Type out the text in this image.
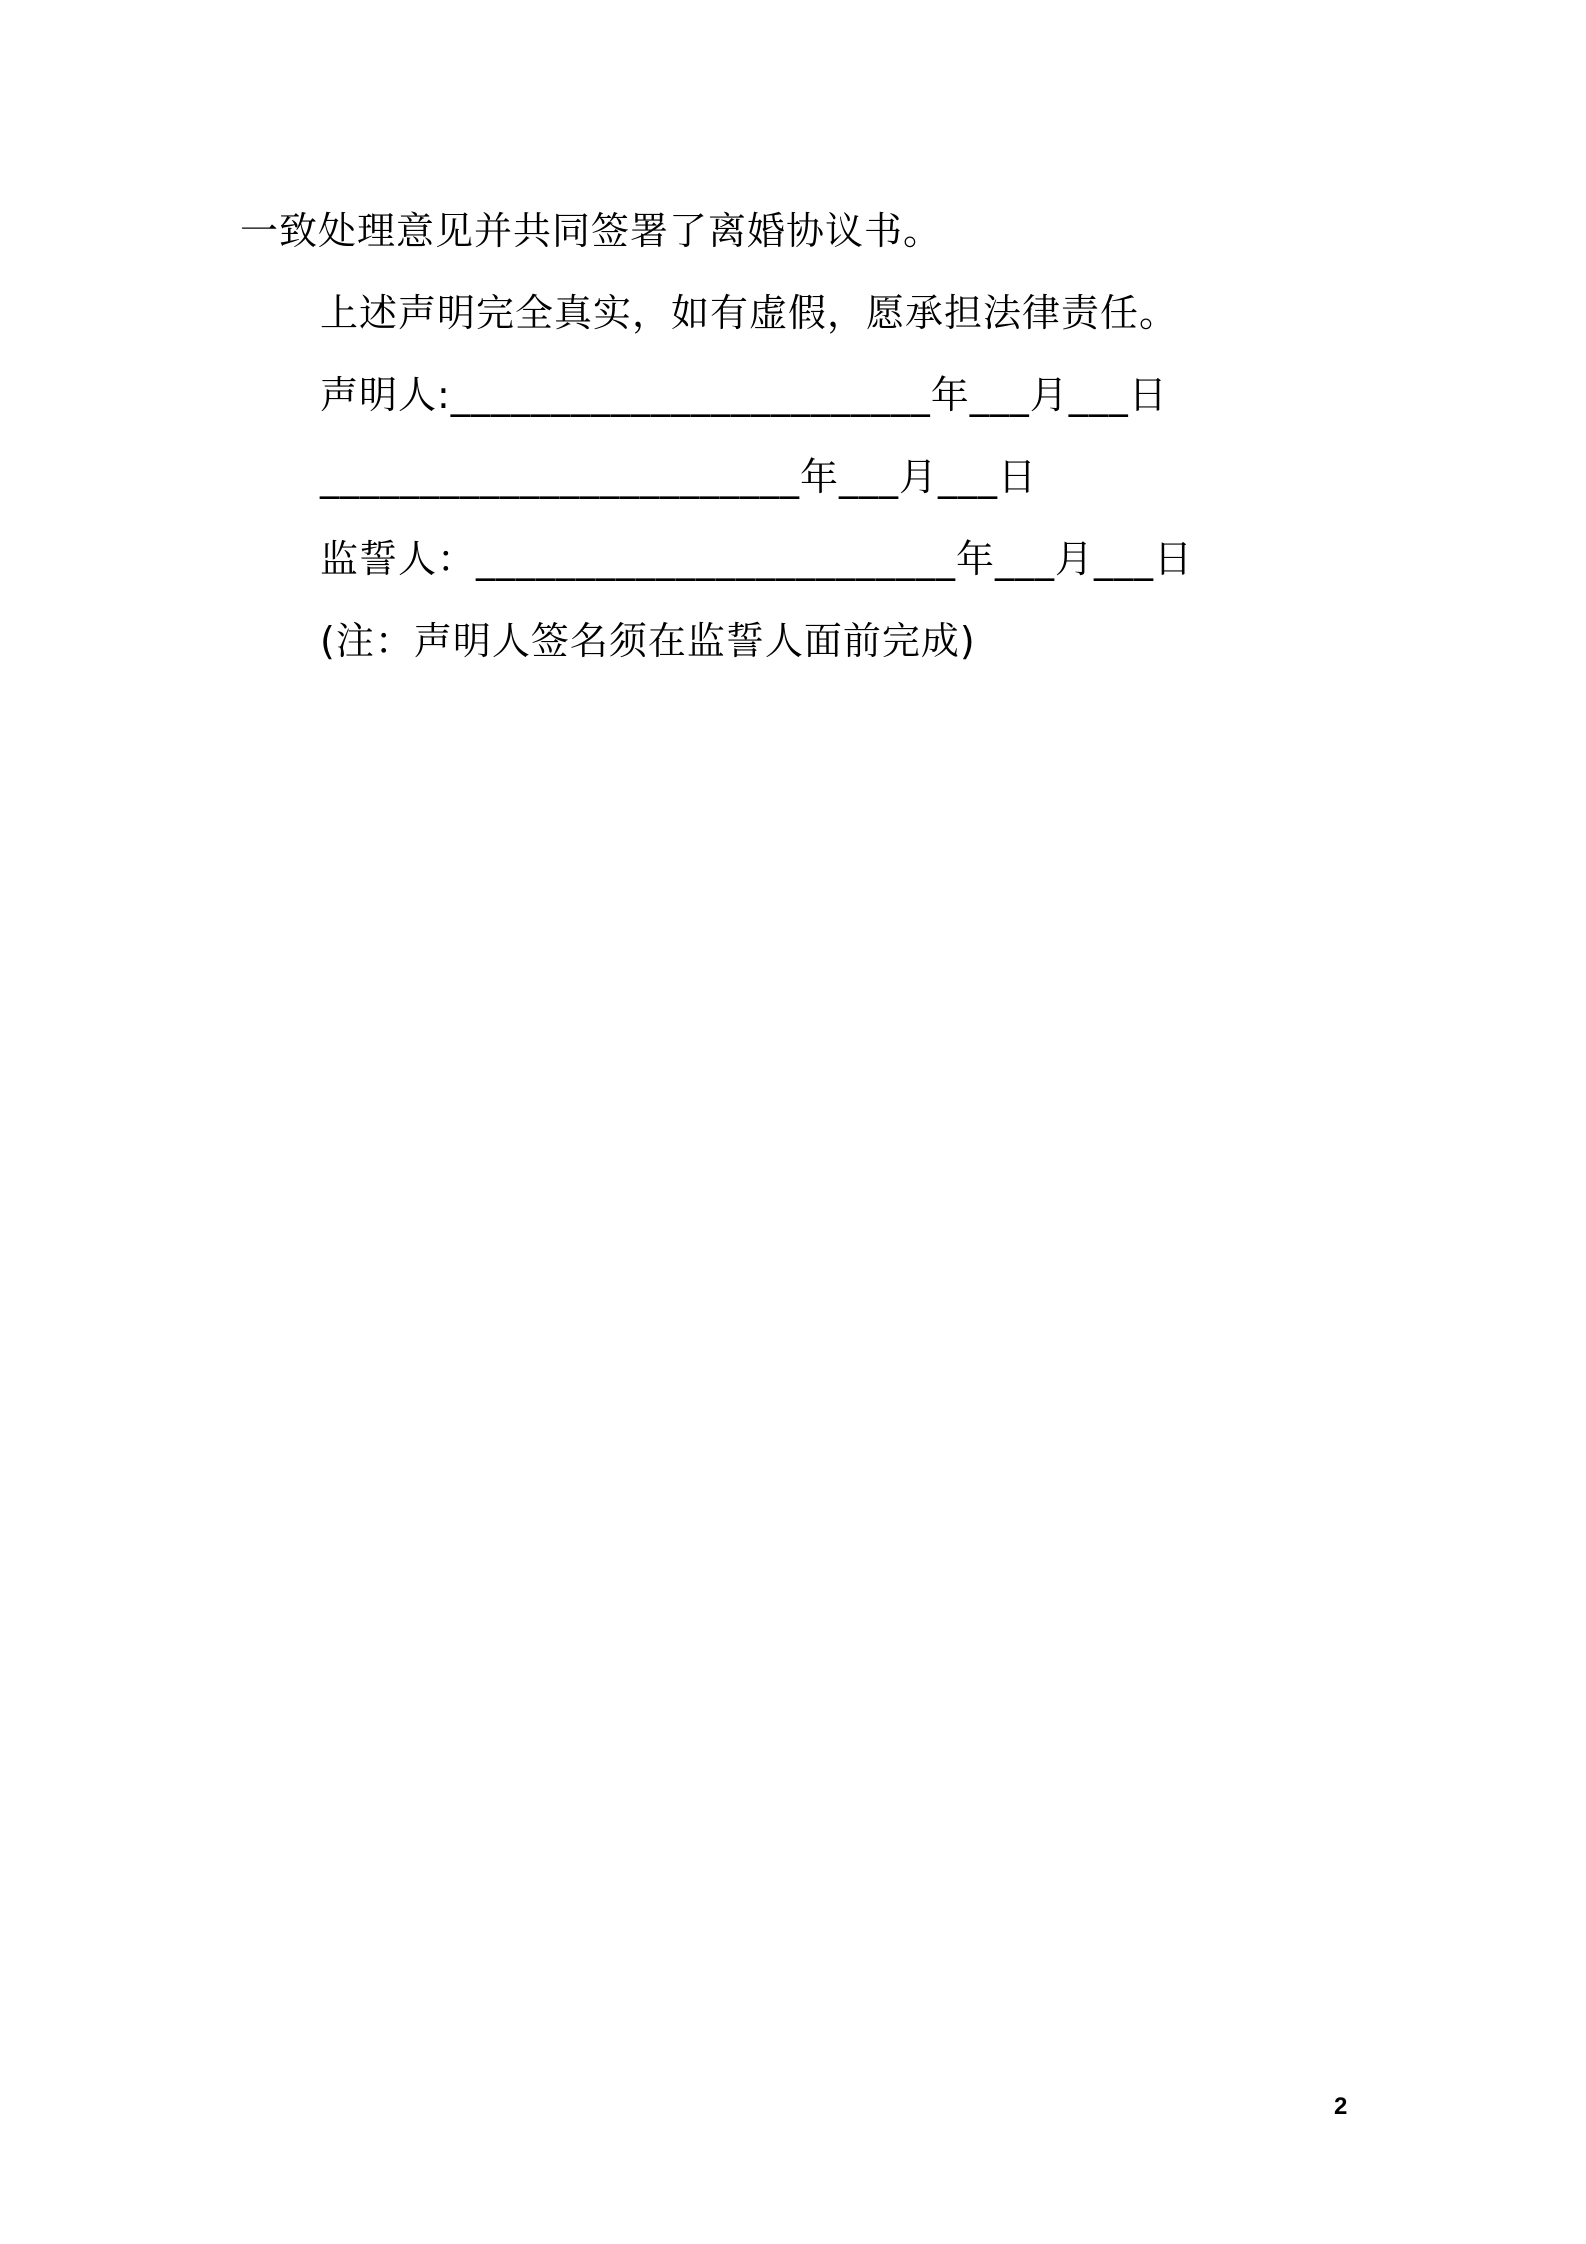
一致处理意见并共同签署了离婚协议书。
上述声明完全真实，如有虚假，愿承担法律责任。
声明人:________________________年___月___日
________________________年___月___日
监誓人：________________________年___月___日
(注：声明人签名须在监誓人面前完成)
2
